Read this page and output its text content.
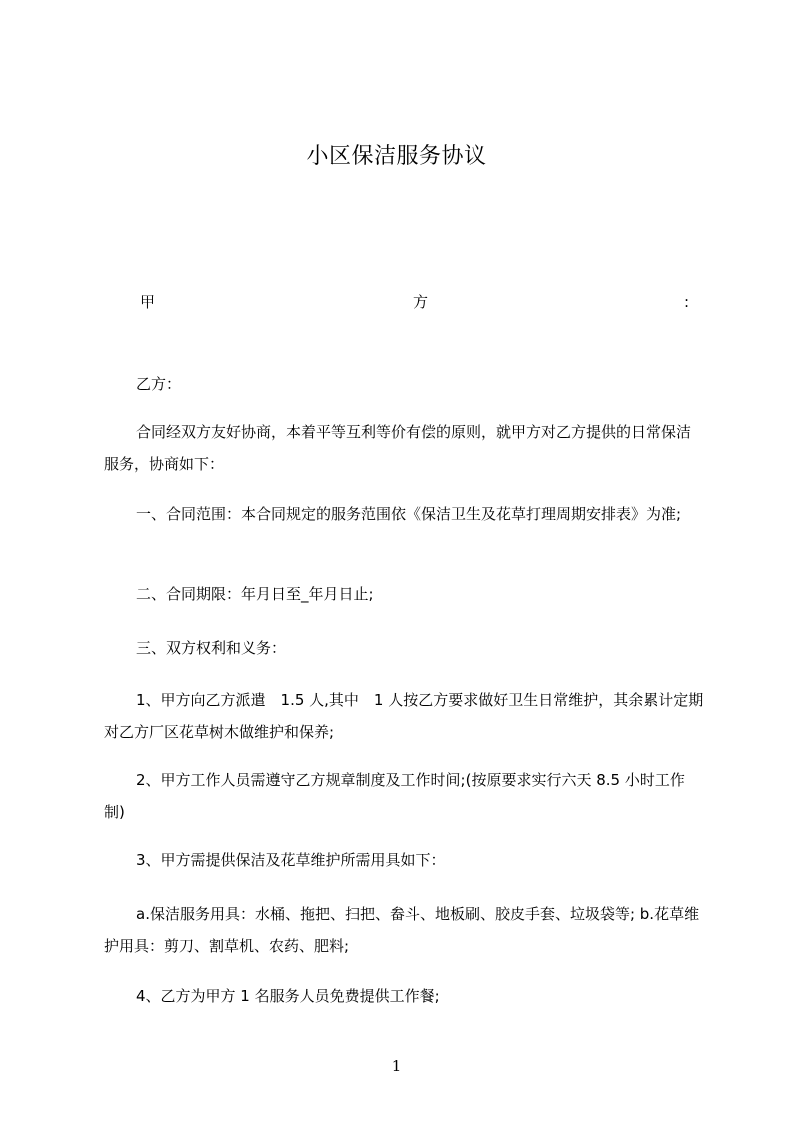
小区保洁服务协议
甲	方	:
乙方：
合同经双方友好协商，本着平等互利等价有偿的原则，就甲方对乙方提供的日常保洁服务，协商如下：
一、合同范围：本合同规定的服务范围依《保洁卫生及花草打理周期安排表》为准;
二、合同期限：年月日至_年月日止;
三、双方权利和义务：
1、甲方向乙方派遣　1.5 人,其中　1 人按乙方要求做好卫生日常维护，其余累计定期对乙方厂区花草树木做维护和保养;
2、甲方工作人员需遵守乙方规章制度及工作时间;(按原要求实行六天 8.5 小时工作制)
3、甲方需提供保洁及花草维护所需用具如下：
a.保洁服务用具：水桶、拖把、扫把、畚斗、地板刷、胶皮手套、垃圾袋等; b.花草维护用具：剪刀、割草机、农药、肥料;
4、乙方为甲方 1 名服务人员免费提供工作餐;
1
